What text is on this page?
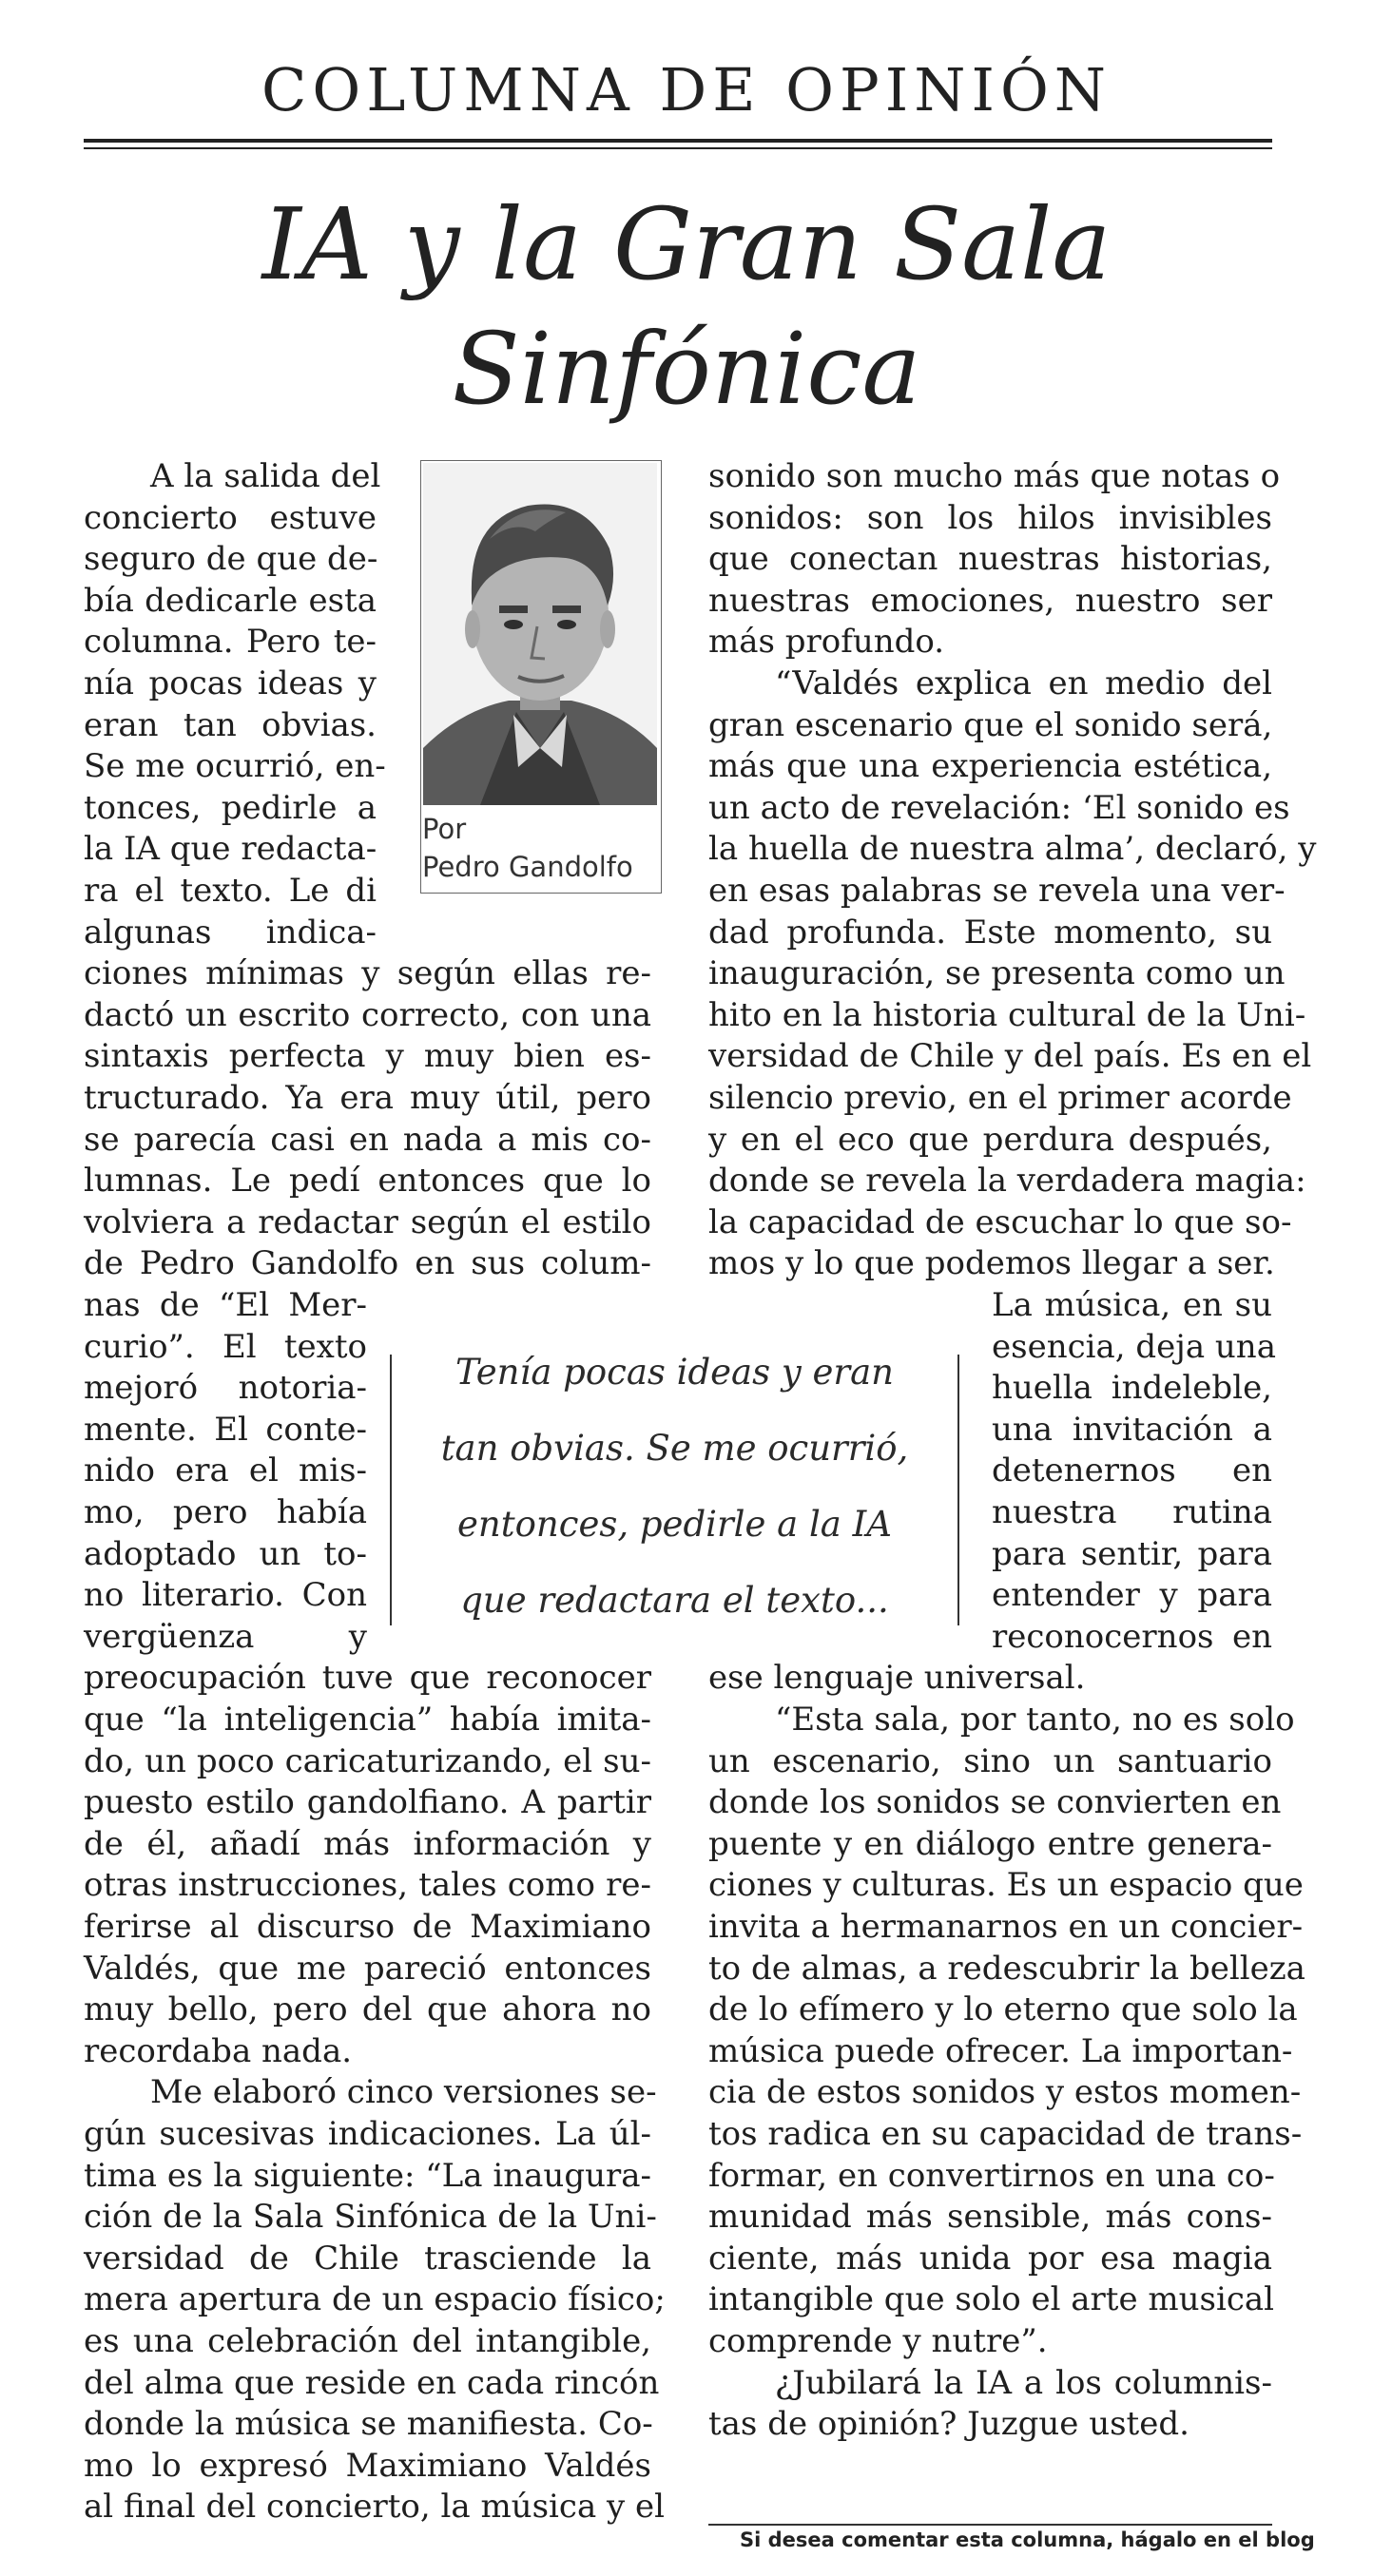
COLUMNA DE OPINIÓN
IA y la Gran Sala
Sinfónica
Por
Pedro Gandolfo
Tenía pocas ideas y eran
tan obvias. Se me ocurrió,
entonces, pedirle a la IA
que redactara el texto...
A la salida del
concierto estuve
seguro de que de-
bía dedicarle esta
columna. Pero te-
nía pocas ideas y
eran tan obvias.
Se me ocurrió, en-
tonces, pedirle a
la IA que redacta-
ra el texto. Le di
algunas indica-
ciones mínimas y según ellas re-
dactó un escrito correcto, con una
sintaxis perfecta y muy bien es-
tructurado. Ya era muy útil, pero
se parecía casi en nada a mis co-
lumnas. Le pedí entonces que lo
volviera a redactar según el estilo
de Pedro Gandolfo en sus colum-
nas de “El Mer-
curio”. El texto
mejoró notoria-
mente. El conte-
nido era el mis-
mo, pero había
adoptado un to-
no literario. Con
vergüenza y
preocupación tuve que reconocer
que “la inteligencia” había imita-
do, un poco caricaturizando, el su-
puesto estilo gandolfiano. A partir
de él, añadí más información y
otras instrucciones, tales como re-
ferirse al discurso de Maximiano
Valdés, que me pareció entonces
muy bello, pero del que ahora no
recordaba nada.
Me elaboró cinco versiones se-
gún sucesivas indicaciones. La úl-
tima es la siguiente: “La inaugura-
ción de la Sala Sinfónica de la Uni-
versidad de Chile trasciende la
mera apertura de un espacio físico;
es una celebración del intangible,
del alma que reside en cada rincón
donde la música se manifiesta. Co-
mo lo expresó Maximiano Valdés
al final del concierto, la música y el
sonido son mucho más que notas o
sonidos: son los hilos invisibles
que conectan nuestras historias,
nuestras emociones, nuestro ser
más profundo.
“Valdés explica en medio del
gran escenario que el sonido será,
más que una experiencia estética,
un acto de revelación: ‘El sonido es
la huella de nuestra alma’, declaró, y
en esas palabras se revela una ver-
dad profunda. Este momento, su
inauguración, se presenta como un
hito en la historia cultural de la Uni-
versidad de Chile y del país. Es en el
silencio previo, en el primer acorde
y en el eco que perdura después,
donde se revela la verdadera magia:
la capacidad de escuchar lo que so-
mos y lo que podemos llegar a ser.
La música, en su
esencia, deja una
huella indeleble,
una invitación a
detenernos en
nuestra rutina
para sentir, para
entender y para
reconocernos en
ese lenguaje universal.
“Esta sala, por tanto, no es solo
un escenario, sino un santuario
donde los sonidos se convierten en
puente y en diálogo entre genera-
ciones y culturas. Es un espacio que
invita a hermanarnos en un concier-
to de almas, a redescubrir la belleza
de lo efímero y lo eterno que solo la
música puede ofrecer. La importan-
cia de estos sonidos y estos momen-
tos radica en su capacidad de trans-
formar, en convertirnos en una co-
munidad más sensible, más cons-
ciente, más unida por esa magia
intangible que solo el arte musical
comprende y nutre”.
¿Jubilará la IA a los columnis-
tas de opinión? Juzgue usted.
Si desea comentar esta columna, hágalo en el blog
